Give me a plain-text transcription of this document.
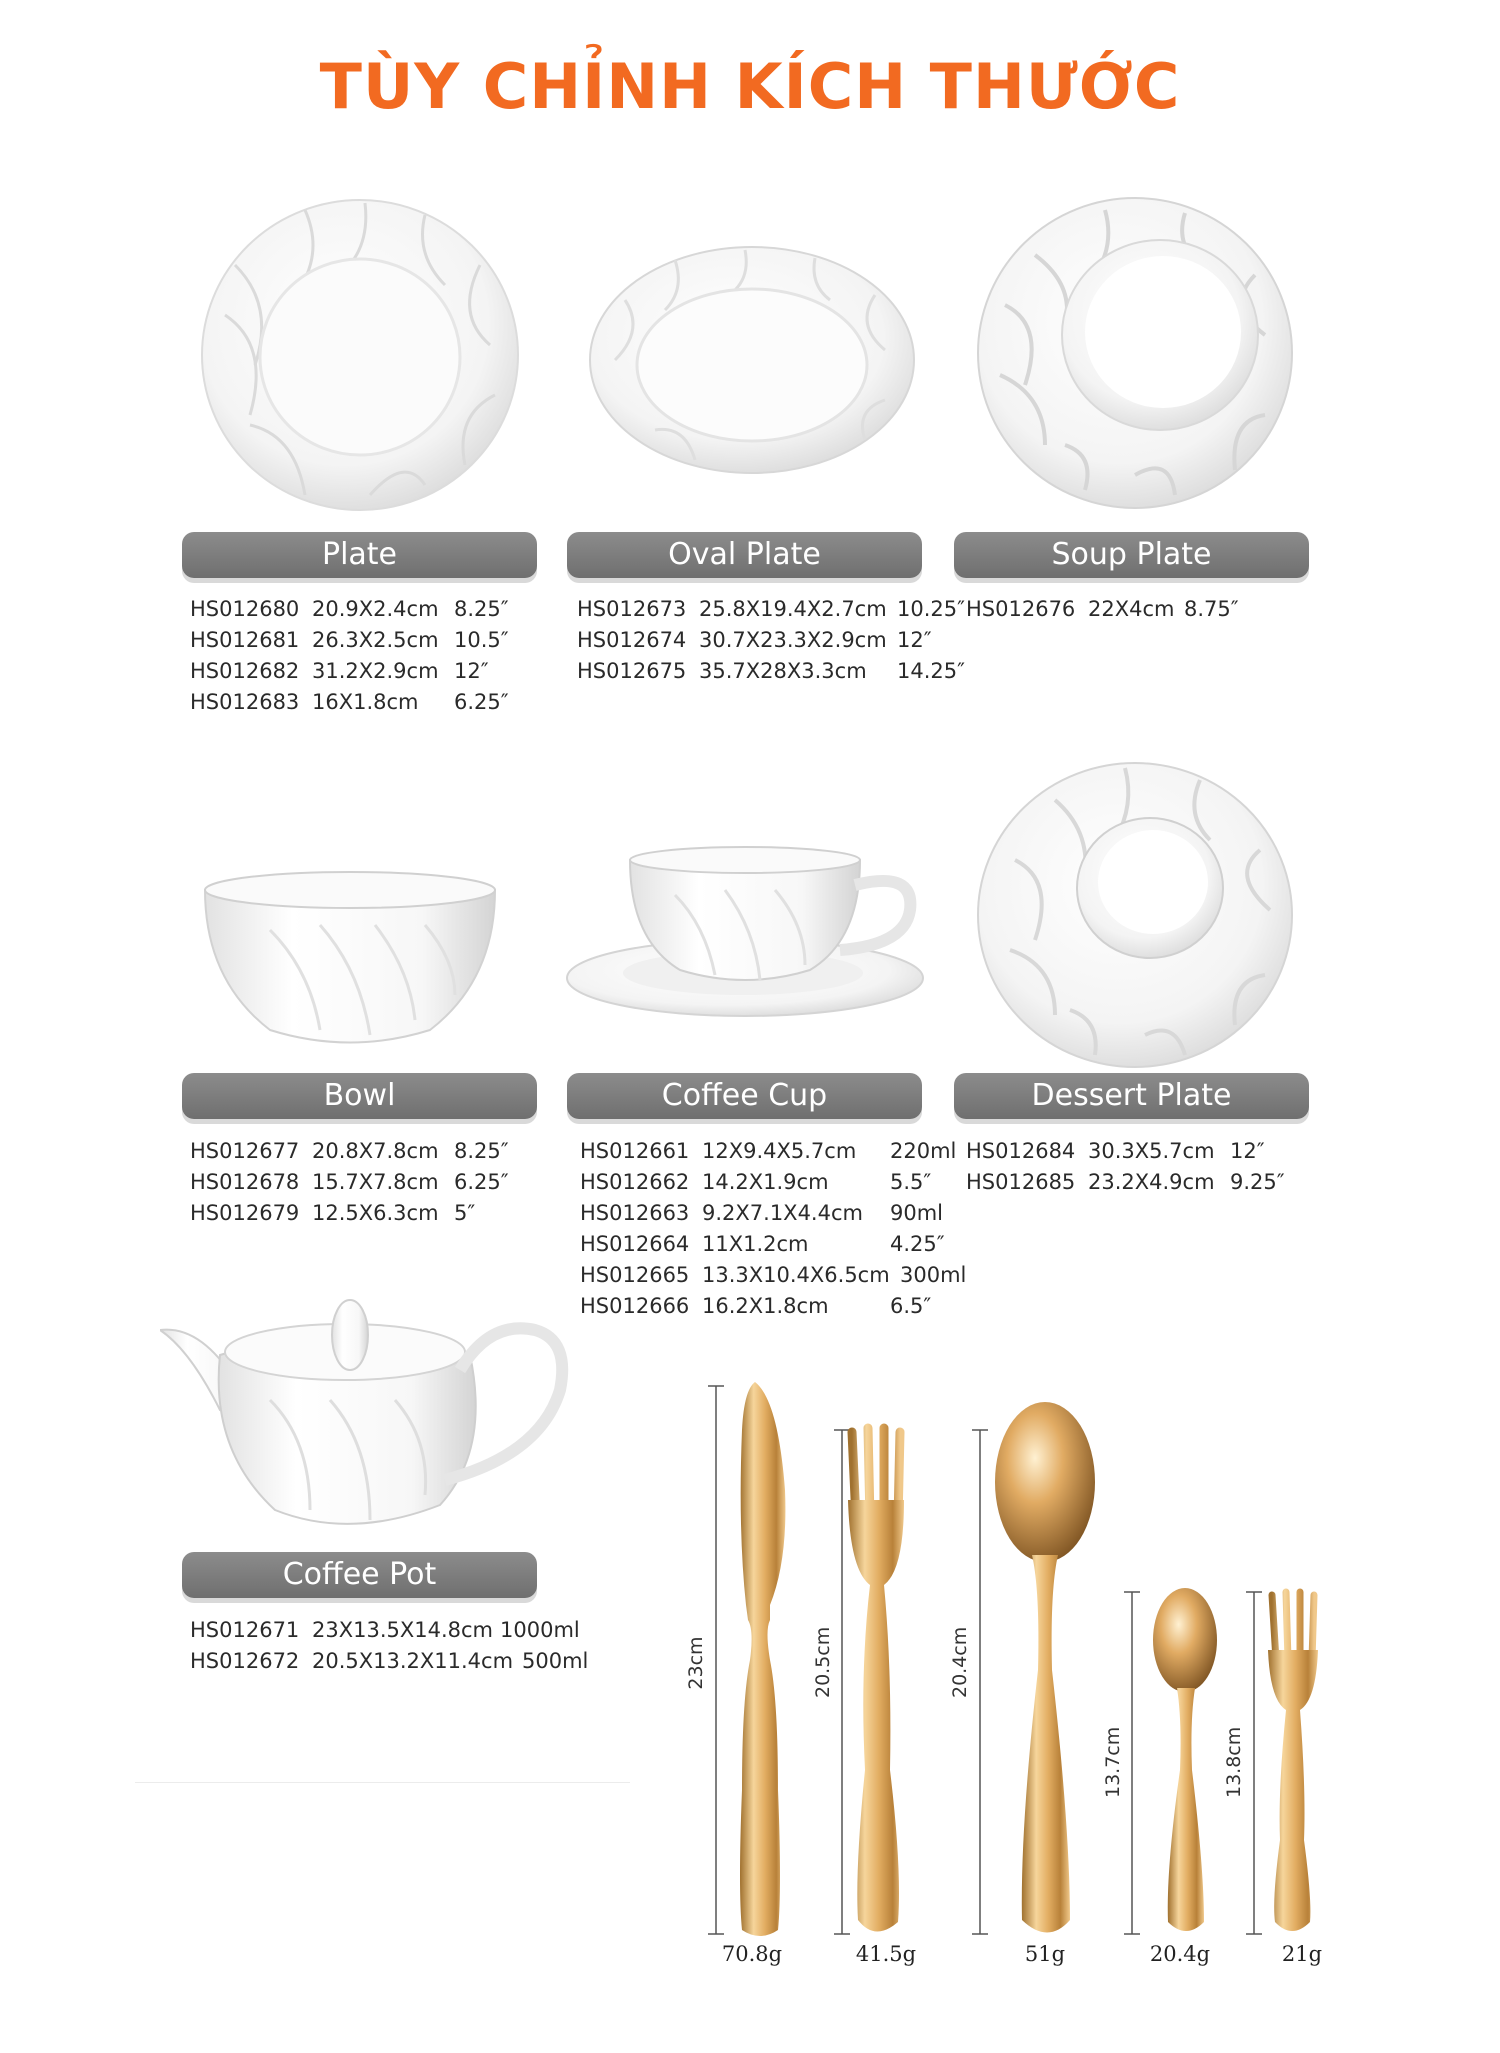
TÙY CHỈNH KÍCH THƯỚC
Plate	Oval Plate	Soup Plate
Bowl	Coffee Cup	Dessert Plate
Coffee Pot
HS012680 20.9X2.4cm 8.25″
HS012681 26.3X2.5cm 10.5″
HS012682 31.2X2.9cm 12″
HS012683 16X1.8cm 6.25″
HS012673 25.8X19.4X2.7cm 10.25″
HS012674 30.7X23.3X2.9cm 12″
HS012675 35.7X28X3.3cm 14.25″
HS012676 22X4cm 8.75″
HS012677 20.8X7.8cm 8.25″
HS012678 15.7X7.8cm 6.25″
HS012679 12.5X6.3cm 5″
HS012661 12X9.4X5.7cm 220ml
HS012662 14.2X1.9cm	5.5″
HS012663 9.2X7.1X4.4cm 90ml
HS012664 11X1.2cm	4.25″
HS012665 13.3X10.4X6.5cm 300ml
HS012666 16.2X1.8cm	6.5″
HS012684 30.3X5.7cm 12″
HS012685 23.2X4.9cm 9.25″
HS012671 23X13.5X14.8cm 1000ml
HS012672 20.5X13.2X11.4cm 500ml	23cm	20.5cm	20.4cm
13.7cm	13.8cm
70.8g	41.5g	51g	20.4g	21g
